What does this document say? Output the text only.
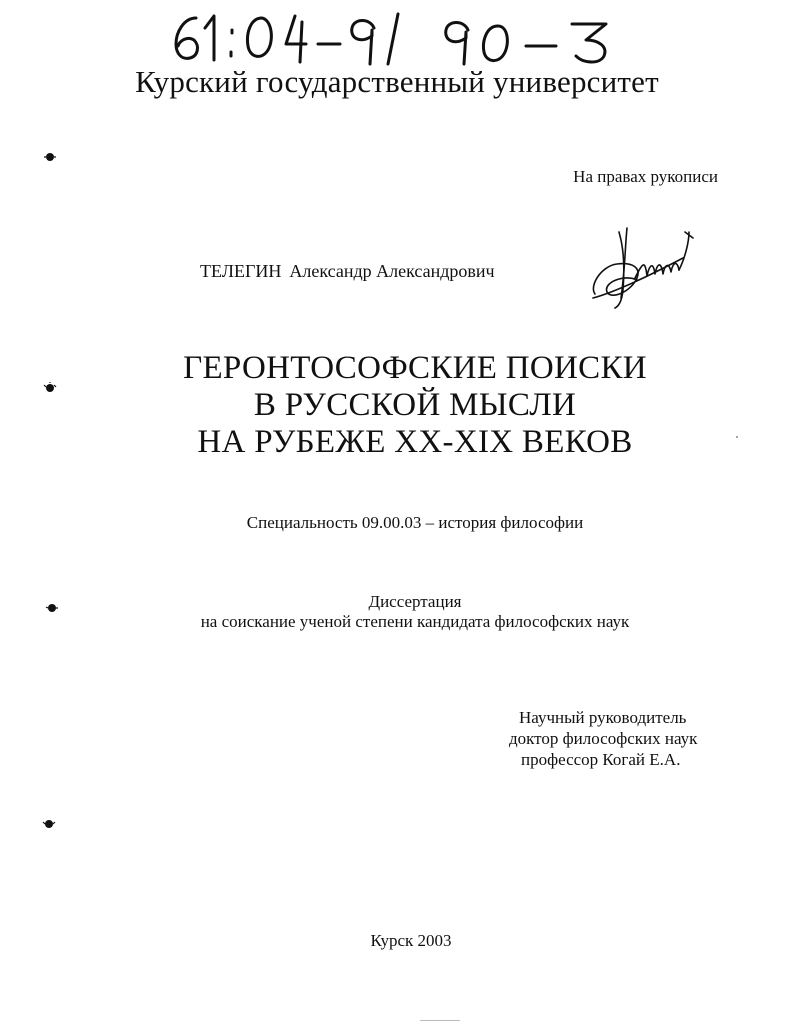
Курский государственный университет
На правах рукописи
ТЕЛЕГИН Александр Александрович
ГЕРОНТОСОФСКИЕ ПОИСКИ
В РУССКОЙ МЫСЛИ
НА РУБЕЖЕ ХХ-ХIХ ВЕКОВ
Специальность 09.00.03 – история философии
Диссертация
на соискание ученой степени кандидата философских наук
Научный руководитель
доктор философских наук
профессор Когай Е.А.
Курск 2003
